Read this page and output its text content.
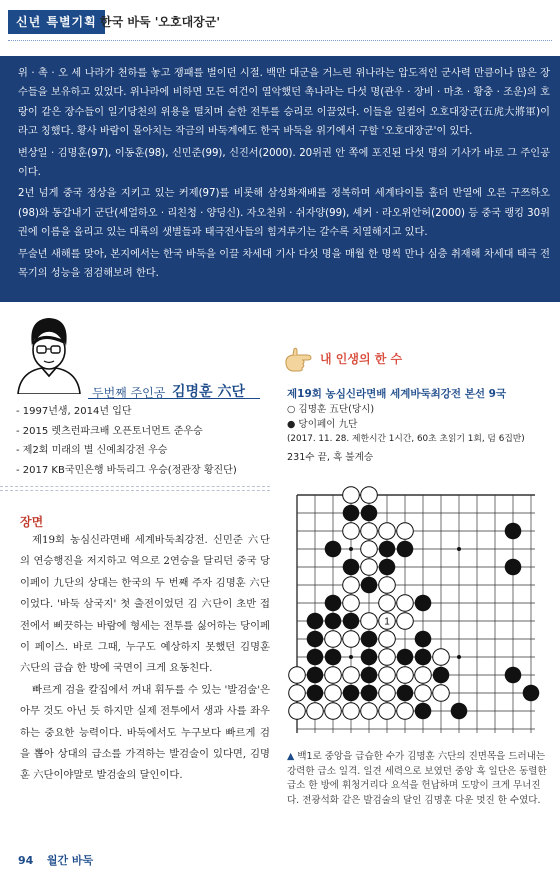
신년 특별기획 한국 바둑 '오호대장군'

위 · 촉 · 오 세 나라가 천하를 놓고 쟁패를 벌이던 시절. 백만 대군을 거느린 위나라는 압도적인 군사력 만큼이나 많은 장수들을 보유하고 있었다. 위나라에 비하면 모든 여건이 열악했던 촉나라는 다섯 명(관우 · 장비 · 마초 · 황충 · 조운)의 호랑이 같은 장수들이 일기당천의 위용을 떨치며 숱한 전투를 승리로 이끌었다. 이들을 일컬어 오호대장군(五虎大將軍)이라고 칭했다. 황사 바람이 몰아치는 작금의 바둑계에도 한국 바둑을 위기에서 구할 '오호대장군'이 있다.

변상일 · 김명훈(97), 이동훈(98), 신민준(99), 신진서(2000). 20위권 안 쪽에 포진된 다섯 명의 기사가 바로 그 주인공이다.

2년 넘게 중국 정상을 지키고 있는 커제(97)를 비롯해 삼성화재배를 정복하며 세계타이틀 홀더 반열에 오른 구쯔하오(98)와 동갑내기 군단(셰얼하오 · 리친청 · 양딩신). 자오천위 · 쉬자양(99), 셰커 · 라오위안허(2000) 등 중국 랭킹 30위권에 이름을 올리고 있는 대륙의 샛별들과 태극전사들의 힘겨루기는 갈수록 치열해지고 있다.

무술년 새해를 맞아, 본지에서는 한국 바둑을 이끌 차세대 기사 다섯 명을 매월 한 명씩 만나 심층 취재해 차세대 태극 전목기의 성능을 점검해보려 한다.

두번째 주인공 김명훈 六단
- 1997년생, 2014년 입단
- 2015 렛츠런파크배 오픈토너먼트 준우승
- 제2회 미래의 별 신예최강전 우승
- 2017 KB국민은행 바둑리그 우승(정관장 황진단)
장면

제19회 농심신라면배 세계바둑최강전. 신민준 六단의 연승행진을 저지하고 역으로 2연승을 달리던 중국 당이페이 九단의 상대는 한국의 두 번째 주자 김명훈 六단이었다. '바둑 삼국지' 첫 출전이었던 김 六단이 초반 접전에서 삐끗하는 바람에 형세는 전투를 싫어하는 당이페이 페이스. 바로 그때, 누구도 예상하지 못했던 김명훈 六단의 급습 한 방에 국면이 크게 요동친다.

빠르게 검을 칼집에서 꺼내 휘두를 수 있는 '발검술'은 아무 것도 아닌 듯 하지만 실제 전투에서 생과 사를 좌우하는 중요한 능력이다. 바둑에서도 누구보다 빠르게 검을 뽑아 상대의 급소를 가격하는 발검술이 있다면, 김명훈 六단이야말로 발검술의 달인이다.

내 인생의 한 수
제19회 농심신라면배 세계바둑최강전 본선 9국
○ 김명훈 五단(당시)
● 당이페이 九단
(2017. 11. 28. 제한시간 1시간, 60초 초읽기 1회, 덤 6집반)
231수 끝, 흑 불계승
1
▲ 백1로 중앙을 급습한 수가 김명훈 六단의 진면목을 드러내는 강력한 급소 일격. 일견 세력으로 보였던 중앙 흑 일단은 동렬한 급소 한 방에 휘청거리다 요석을 헌납하며 도망이 크게 무너진다. 전광석화 같은 발검술의 달인 김명훈 다운 멋진 한 수였다.
94 월간 바둑
